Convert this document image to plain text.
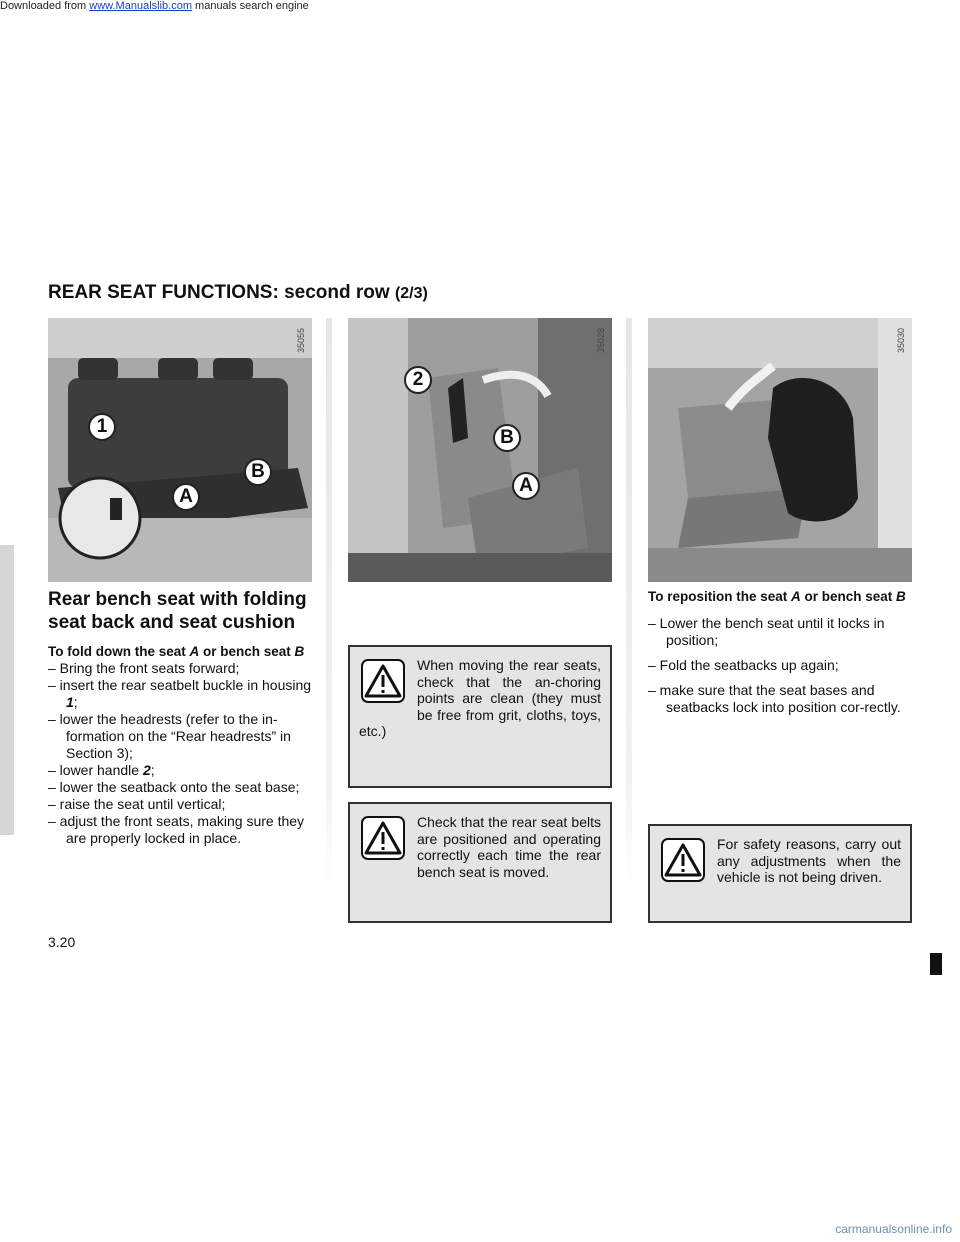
Downloaded from www.Manualslib.com manuals search engine
REAR SEAT FUNCTIONS: second row (2/3)
35055
1
B
A
35028
2
B
A
35030
Rear bench seat with folding seat back and seat cushion
To fold down the seat A or bench seat B
– Bring the front seats forward;
– insert the rear seatbelt buckle in housing 1;
– lower the headrests (refer to the in-formation on the “Rear headrests” in Section 3);
– lower handle 2;
– lower the seatback onto the seat base;
– raise the seat until vertical;
– adjust the front seats, making sure they are properly locked in place.
When moving the rear seats, check that the an-choring points are clean (they must be free from grit, cloths, toys, etc.)
Check that the rear seat belts are positioned and operating correctly each time the rear bench seat is moved.
To reposition the seat A or bench seat B
– Lower the bench seat until it locks in position;
– Fold the seatbacks up again;
– make sure that the seat bases and seatbacks lock into position cor-rectly.
For safety reasons, carry out any adjustments when the vehicle is not being driven.
3.20
carmanualsonline.info
